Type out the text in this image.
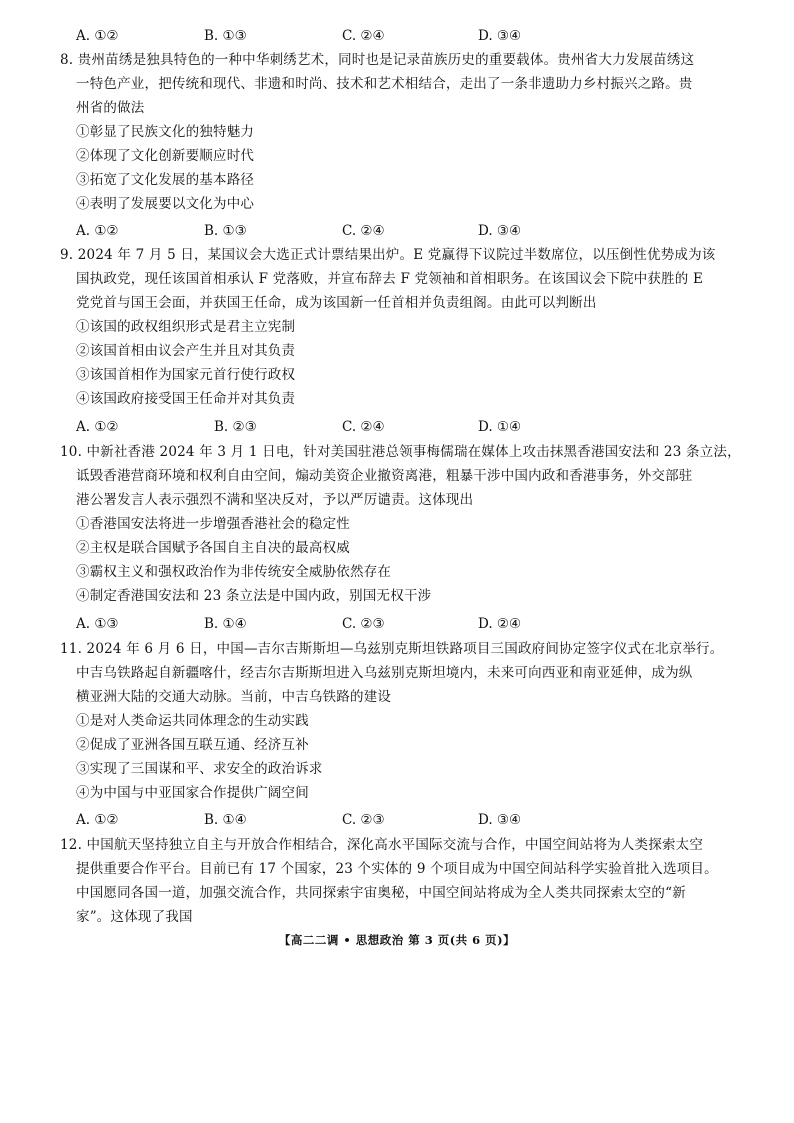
A. ①②	B. ①③	C. ②④	D. ③④
8. 贵州苗绣是独具特色的一种中华刺绣艺术，同时也是记录苗族历史的重要载体。贵州省大力发展苗绣这
一特色产业，把传统和现代、非遗和时尚、技术和艺术相结合，走出了一条非遗助力乡村振兴之路。贵
州省的做法
①彰显了民族文化的独特魅力
②体现了文化创新要顺应时代
③拓宽了文化发展的基本路径
④表明了发展要以文化为中心
A. ①②	B. ①③	C. ②④	D. ③④
9. 2024 年 7 月 5 日，某国议会大选正式计票结果出炉。E 党赢得下议院过半数席位，以压倒性优势成为该
国执政党，现任该国首相承认 F 党落败，并宣布辞去 F 党领袖和首相职务。在该国议会下院中获胜的 E
党党首与国王会面，并获国王任命，成为该国新一任首相并负责组阁。由此可以判断出
①该国的政权组织形式是君主立宪制
②该国首相由议会产生并且对其负责
③该国首相作为国家元首行使行政权
④该国政府接受国王任命并对其负责
A. ①②	B. ②③	C. ②④	D. ①④
10. 中新社香港 2024 年 3 月 1 日电，针对美国驻港总领事梅儒瑞在媒体上攻击抹黑香港国安法和 23 条立法，
诋毁香港营商环境和权利自由空间，煽动美资企业撤资离港，粗暴干涉中国内政和香港事务，外交部驻
港公署发言人表示强烈不满和坚决反对，予以严厉谴责。这体现出
①香港国安法将进一步增强香港社会的稳定性
②主权是联合国赋予各国自主自决的最高权威
③霸权主义和强权政治作为非传统安全威胁依然存在
④制定香港国安法和 23 条立法是中国内政，别国无权干涉
A. ①③	B. ①④	C. ②③	D. ②④
11. 2024 年 6 月 6 日，中国—吉尔吉斯斯坦—乌兹别克斯坦铁路项目三国政府间协定签字仪式在北京举行。
中吉乌铁路起自新疆喀什，经吉尔吉斯斯坦进入乌兹别克斯坦境内，未来可向西亚和南亚延伸，成为纵
横亚洲大陆的交通大动脉。当前，中吉乌铁路的建设
①是对人类命运共同体理念的生动实践
②促成了亚洲各国互联互通、经济互补
③实现了三国谋和平、求安全的政治诉求
④为中国与中亚国家合作提供广阔空间
A. ①②	B. ①④	C. ②③	D. ③④
12. 中国航天坚持独立自主与开放合作相结合，深化高水平国际交流与合作，中国空间站将为人类探索太空
提供重要合作平台。目前已有 17 个国家，23 个实体的 9 个项目成为中国空间站科学实验首批入选项目。
中国愿同各国一道，加强交流合作，共同探索宇宙奥秘，中国空间站将成为全人类共同探索太空的“新
家”。这体现了我国
【高二二调 • 思想政治 第 3 页(共 6 页)】
